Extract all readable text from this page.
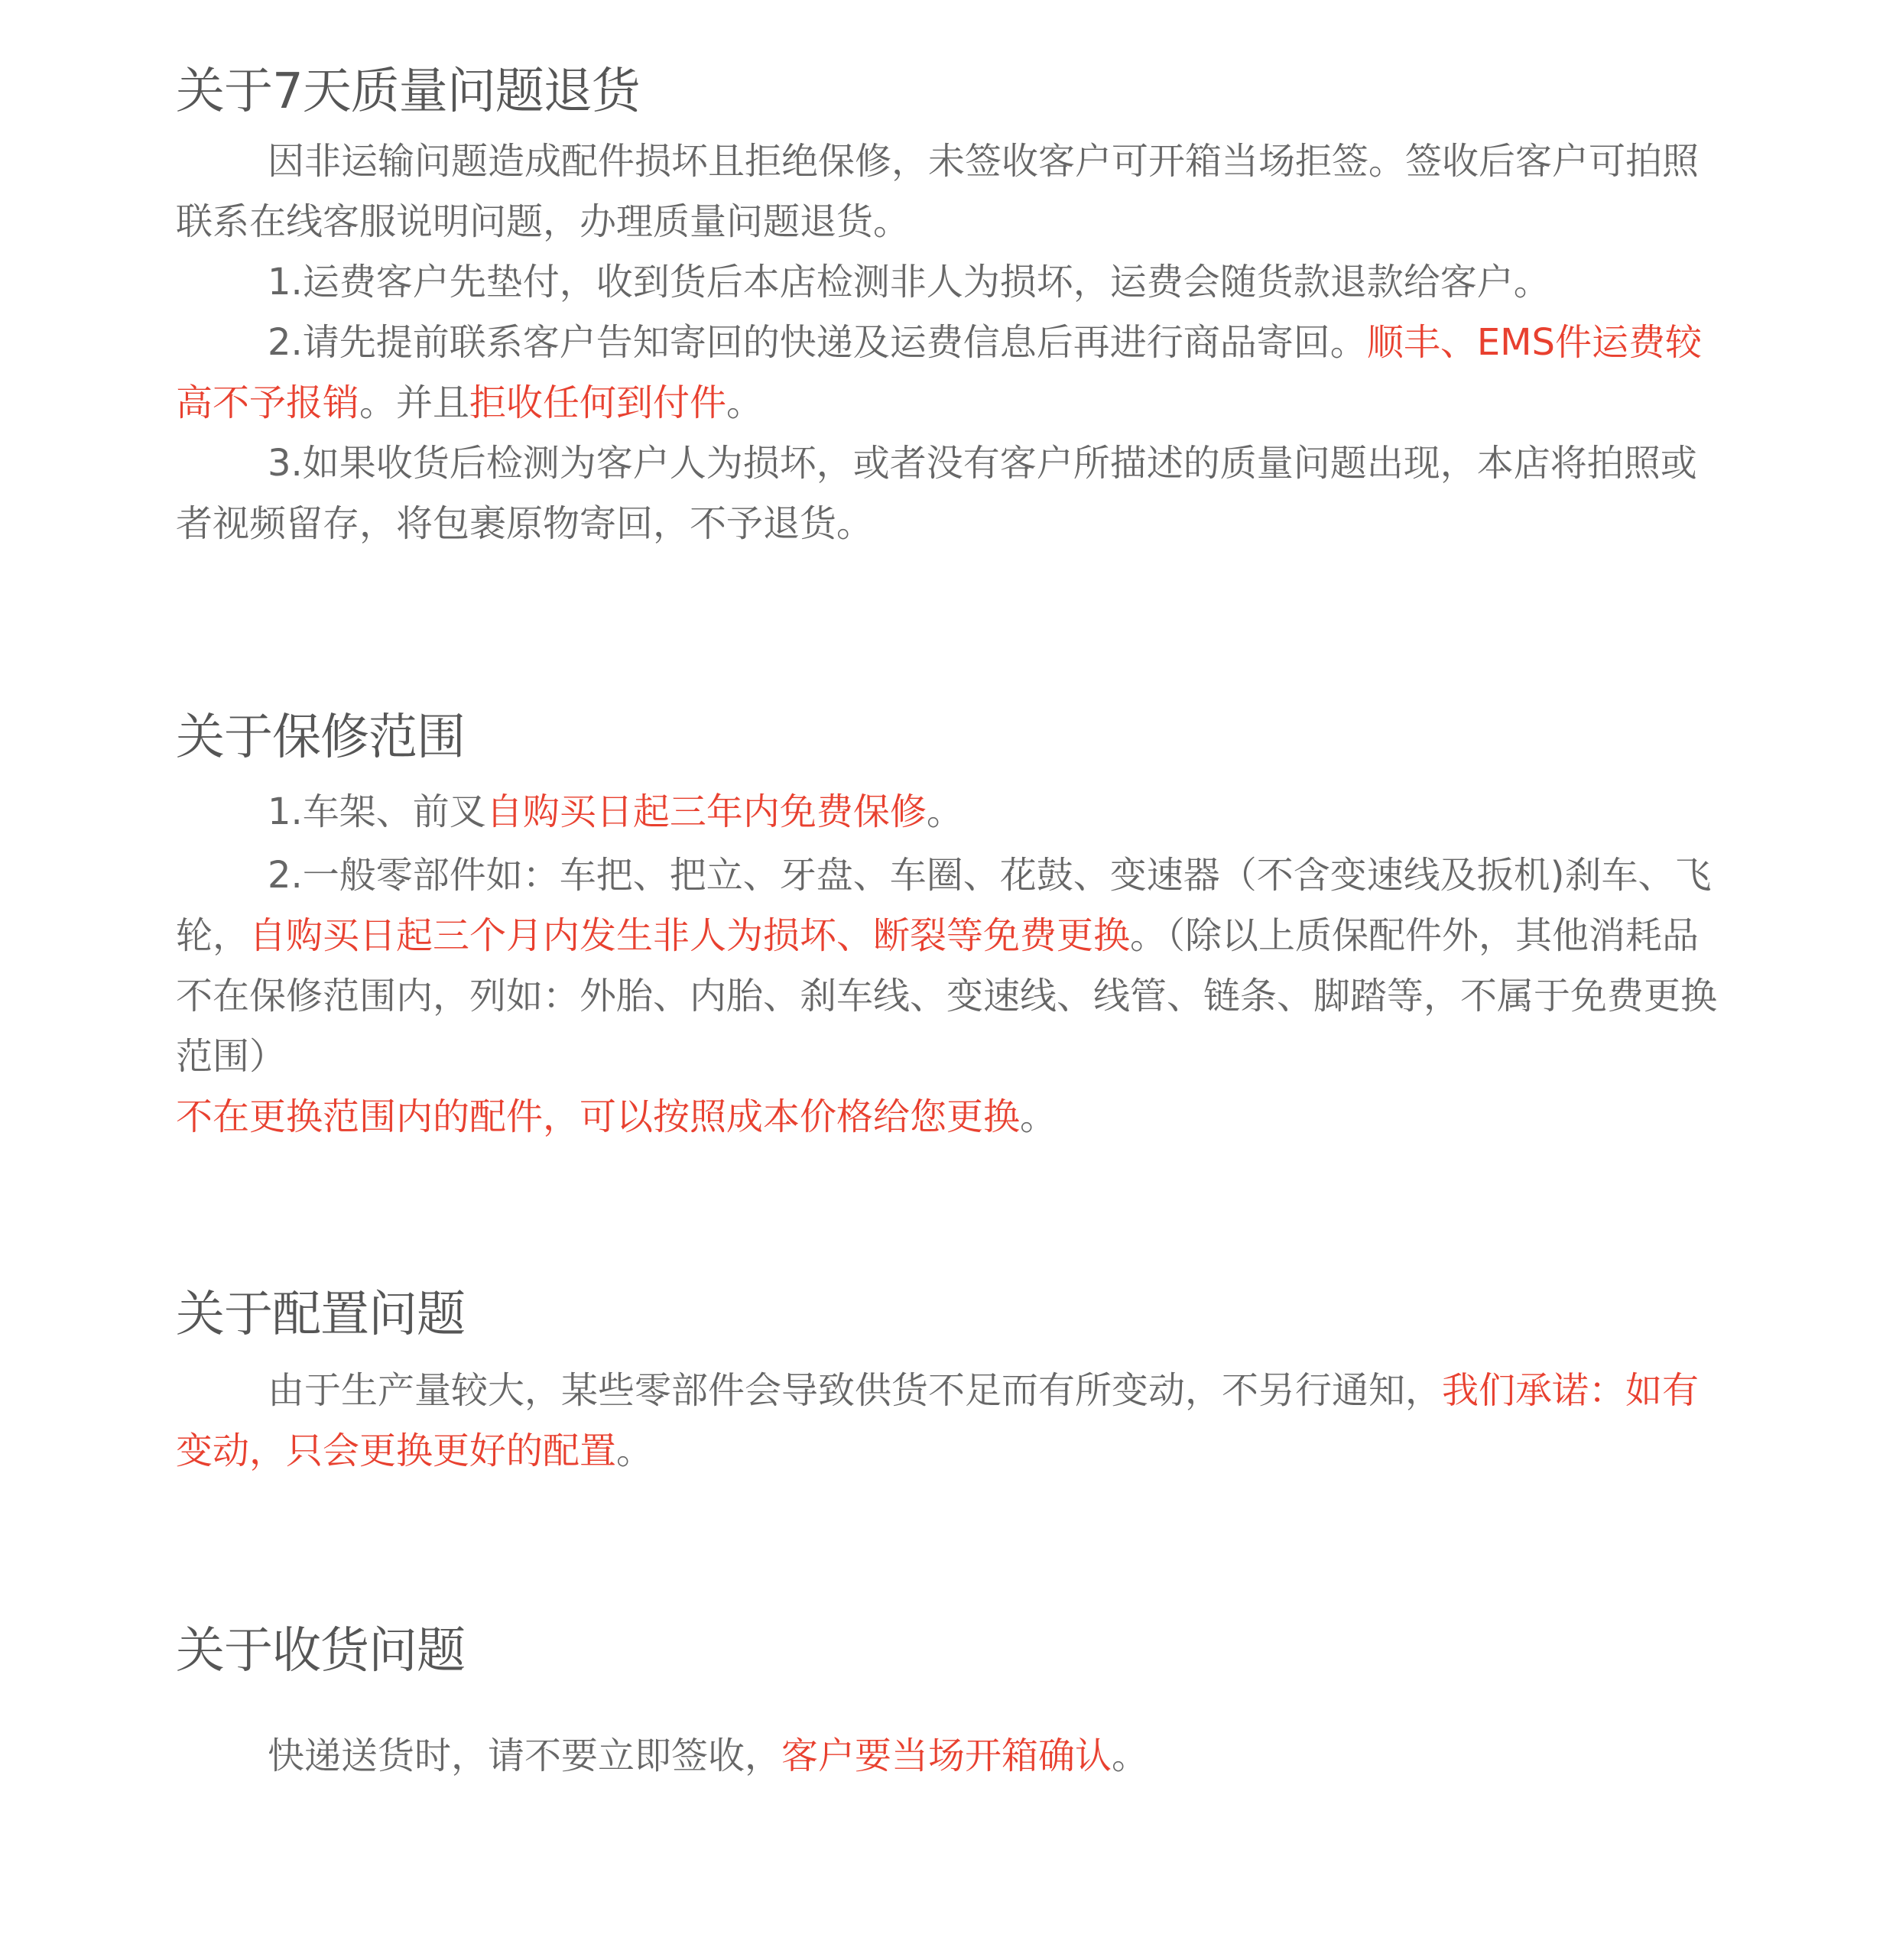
关于7天质量问题退货

因非运输问题造成配件损坏且拒绝保修，未签收客户可开箱当场拒签。签收后客户可拍照联系在线客服说明问题，办理质量问题退货。

1.运费客户先垫付，收到货后本店检测非人为损坏，运费会随货款退款给客户。

2.请先提前联系客户告知寄回的快递及运费信息后再进行商品寄回。顺丰、EMS件运费较高不予报销。并且拒收任何到付件。

3.如果收货后检测为客户人为损坏，或者没有客户所描述的质量问题出现，本店将拍照或者视频留存，将包裹原物寄回，不予退货。

关于保修范围

1.车架、前叉自购买日起三年内免费保修。

2.一般零部件如：车把、把立、牙盘、车圈、花鼓、变速器（不含变速线及扳机)刹车、飞轮，自购买日起三个月内发生非人为损坏、断裂等免费更换。（除以上质保配件外，其他消耗品不在保修范围内，列如：外胎、内胎、刹车线、变速线、线管、链条、脚踏等，不属于免费更换范围）

不在更换范围内的配件，可以按照成本价格给您更换。

关于配置问题

由于生产量较大，某些零部件会导致供货不足而有所变动，不另行通知，我们承诺：如有变动，只会更换更好的配置。

关于收货问题

快递送货时，请不要立即签收，客户要当场开箱确认。
